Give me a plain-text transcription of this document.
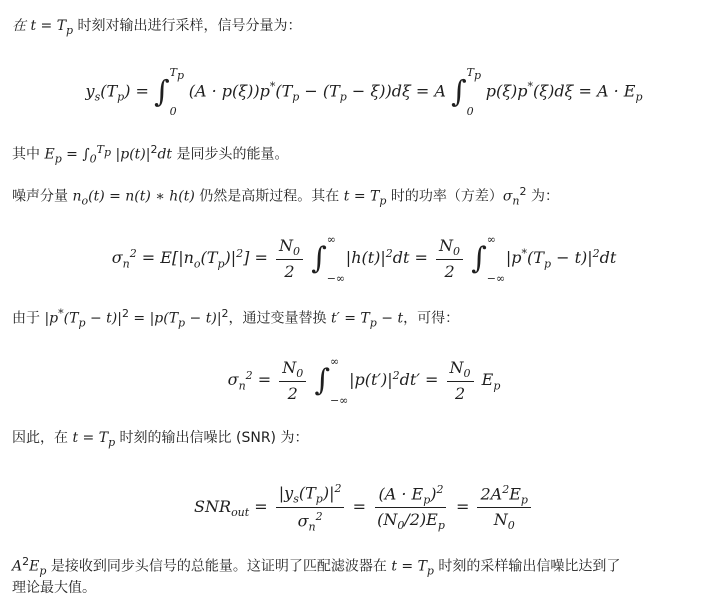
在 $t = T_p$ 时刻对输出进行采样，信号分量为：
$y_s(T_p)$ = ∫
$T_p$
0
$(A \cdot p(\xi))p^*(T_p - (T_p - \xi))d\xi = A$ ∫
$T_p$
0
$p(\xi)p^*(\xi)d\xi = A \cdot E_p$
其中 $E_p = \int_0^{T_p}$ $|p(t)|^2dt$ 是同步头的能量。
噪声分量 $n_o(t) = n(t)$ ∗ h(t) 仍然是高斯过程。其在 $t = T_p$ 时的功率（方差）$\sigma_n^2$ 为：
$\sigma_n^2 = E[|n_o(T_p)|^2] = \frac{N_0}{2}$ ∫
∞
−∞
$|h(t)|^2dt = \frac{N_0}{2}$ ∫
∞
−∞
$|p^*(T_p - t)|^2dt$
由于 $|p^*(T_p - t)|^2 = |p(T_p - t)|^2$，通过变量替换 $t' = T_p - t$，可得：
$\sigma_n^2 = \frac{N_0}{2}$ ∫
∞
−∞
$|p(t')|^2dt' = \frac{N_0}{2} E_p$
因此，在 $t = T_p$ 时刻的输出信噪比 (SNR) 为：
$SNR_{out} = \frac{|y_s(T_p)|^2}{\sigma_n^2} = \frac{(A \cdot E_p)^2}{(N_0/2)E_p} = \frac{2A^2E_p}{N_0}$
$A^2E_p$ 是接收到同步头信号的总能量。这证明了匹配滤波器在 $t = T_p$ 时刻的采样输出信噪比达到了
理论最大值。
